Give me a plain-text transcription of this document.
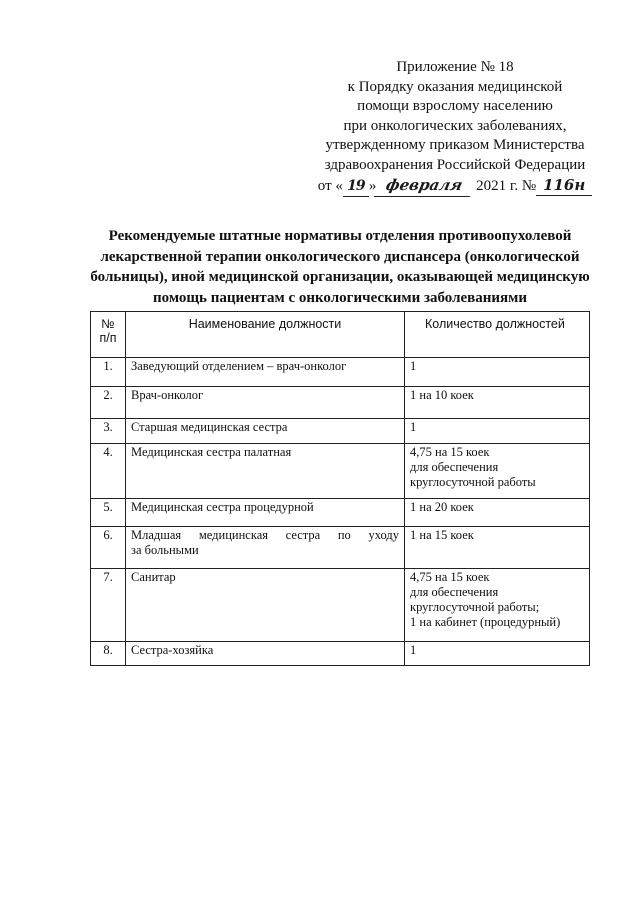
Приложение № 18
к Порядку оказания медицинской
помощи взрослому населению
при онкологических заболеваниях,
утвержденному приказом Министерства
здравоохранения Российской Федерации
от « 19 » февраля 2021 г. № 116н
Рекомендуемые штатные нормативы отделения противоопухолевой
лекарственной терапии онкологического диспансера (онкологической
больницы), иной медицинской организации, оказывающей медицинскую
помощь пациентам с онкологическими заболеваниями
№
п/п	Наименование должности	Количество должностей
1.	Заведующий отделением – врач-онколог	1
2.	Врач-онколог	1 на 10 коек
3.	Старшая медицинская сестра	1
4.	Медицинская сестра палатная	4,75 на 15 коек
для обеспечения
круглосуточной работы
5.	Медицинская сестра процедурной	1 на 20 коек
6.	Младшая медицинская сестра по уходу
за больными	1 на 15 коек
7.	Санитар	4,75 на 15 коек
для обеспечения
круглосуточной работы;
1 на кабинет (процедурный)
8.	Сестра-хозяйка	1
